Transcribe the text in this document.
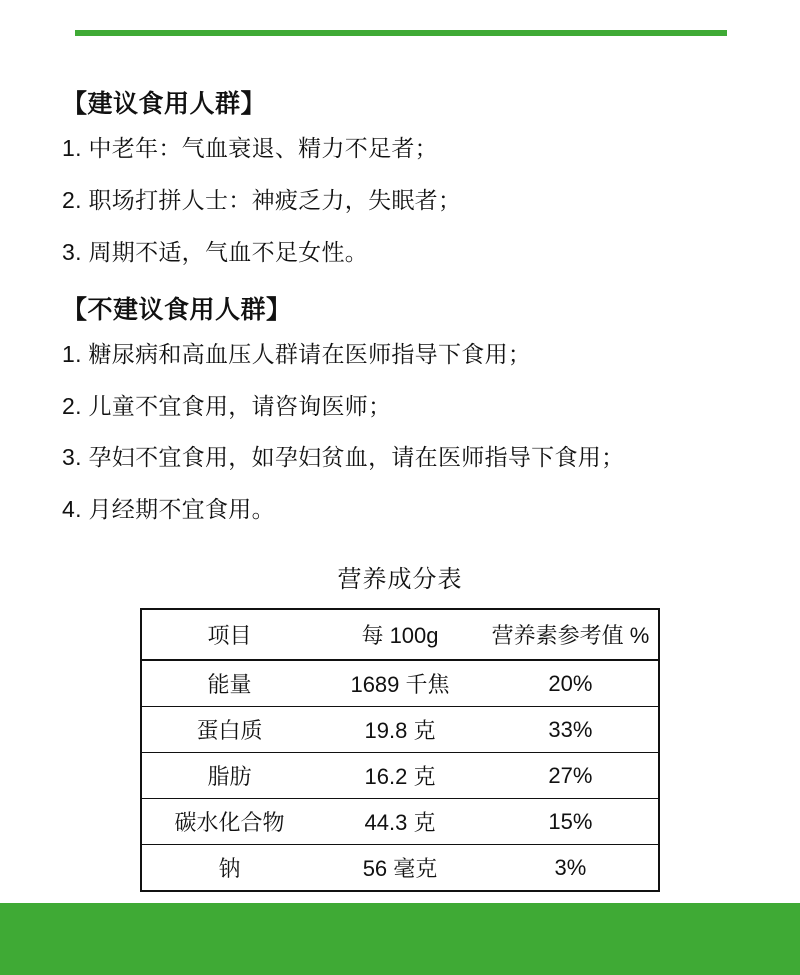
【建议食用人群】

1. 中老年：气血衰退、精力不足者；

2. 职场打拼人士：神疲乏力，失眠者；

3. 周期不适，气血不足女性。

【不建议食用人群】

1. 糖尿病和高血压人群请在医师指导下食用；

2. 儿童不宜食用，请咨询医师；

3. 孕妇不宜食用，如孕妇贫血，请在医师指导下食用；

4. 月经期不宜食用。

营养成分表
项目	每 100g	营养素参考值 %
能量	1689 千焦	20%
蛋白质	19.8 克	33%
脂肪	16.2 克	27%
碳水化合物	44.3 克	15%
钠	56 毫克	3%
